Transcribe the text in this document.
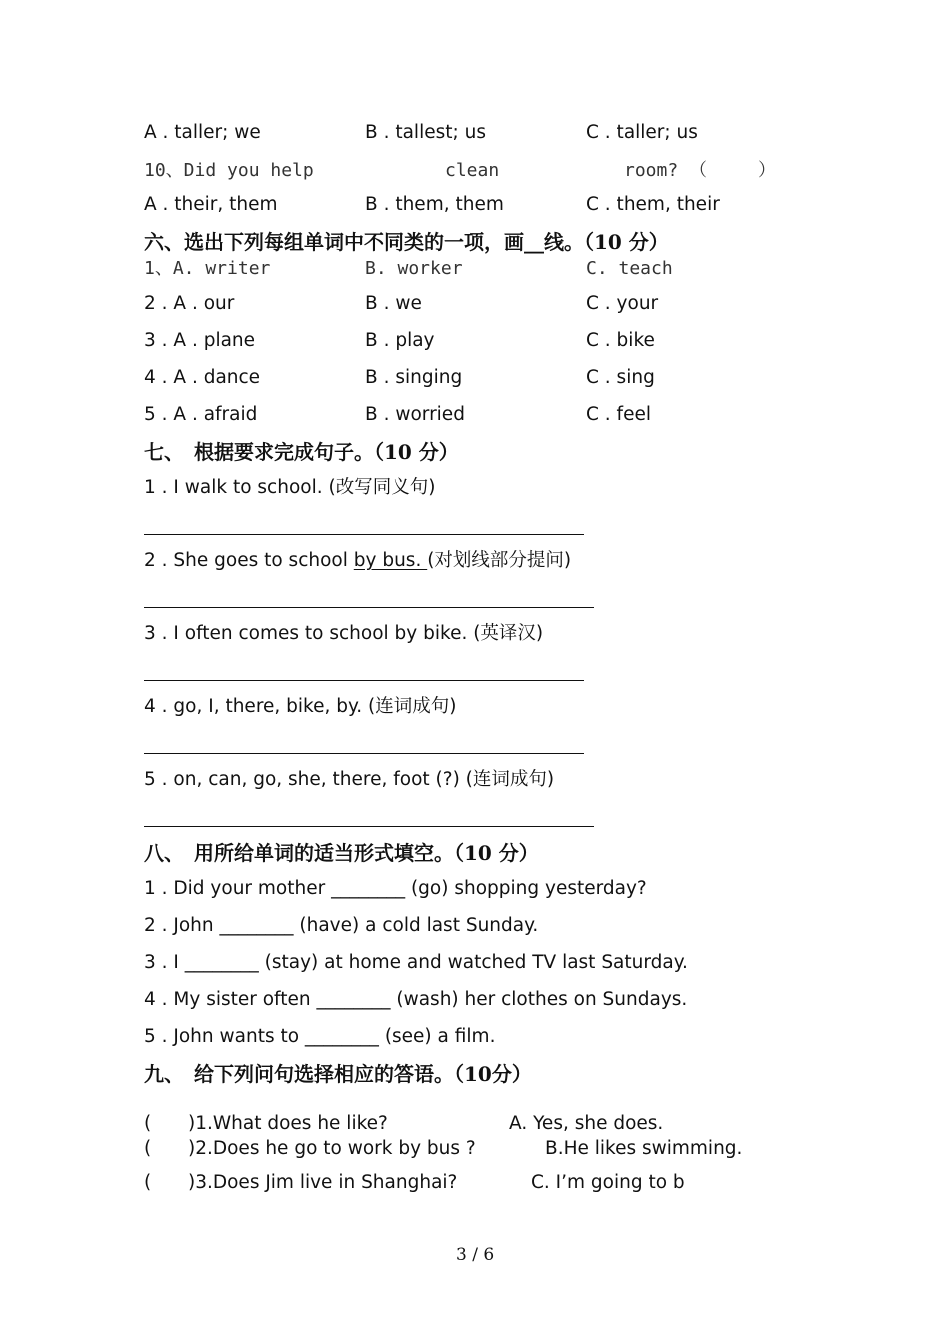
A . taller; we	B . tallest; us	C . taller; us
10、Did you help	clean	room? （	）
A . their, them	B . them, them	C . them, their
六、选出下列每组单词中不同类的一项，画__线。（10 分）
1、A. writer	B. worker	C. teach
2 . A . our	B . we	C . your
3 . A . plane	B . play	C . bike
4 . A . dance	B . singing	C . sing
5 . A . afraid	B . worried	C . feel
七、　根据要求完成句子。（10 分）
1 . I walk to school. (改写同义句)
2 . She goes to school by bus. (对划线部分提问)
3 . I often comes to school by bike. (英译汉)
4 . go, I, there, bike, by. (连词成句)
5 . on, can, go, she, there, foot (?) (连词成句)
八、　用所给单词的适当形式填空。（10 分）
1 . Did your mother ________ (go) shopping yesterday?
2 . John ________ (have) a cold last Sunday.
3 . I ________ (stay) at home and watched TV last Saturday.
4 . My sister often ________ (wash) her clothes on Sundays.
5 . John wants to ________ (see) a film.
九、　给下列问句选择相应的答语。（10分）
( )1.What does he like?	A. Yes, she does.
( )2.Does he go to work by bus ?	B.He likes swimming.
( )3.Does Jim live in Shanghai?	C. I’m going to b
3 / 6
